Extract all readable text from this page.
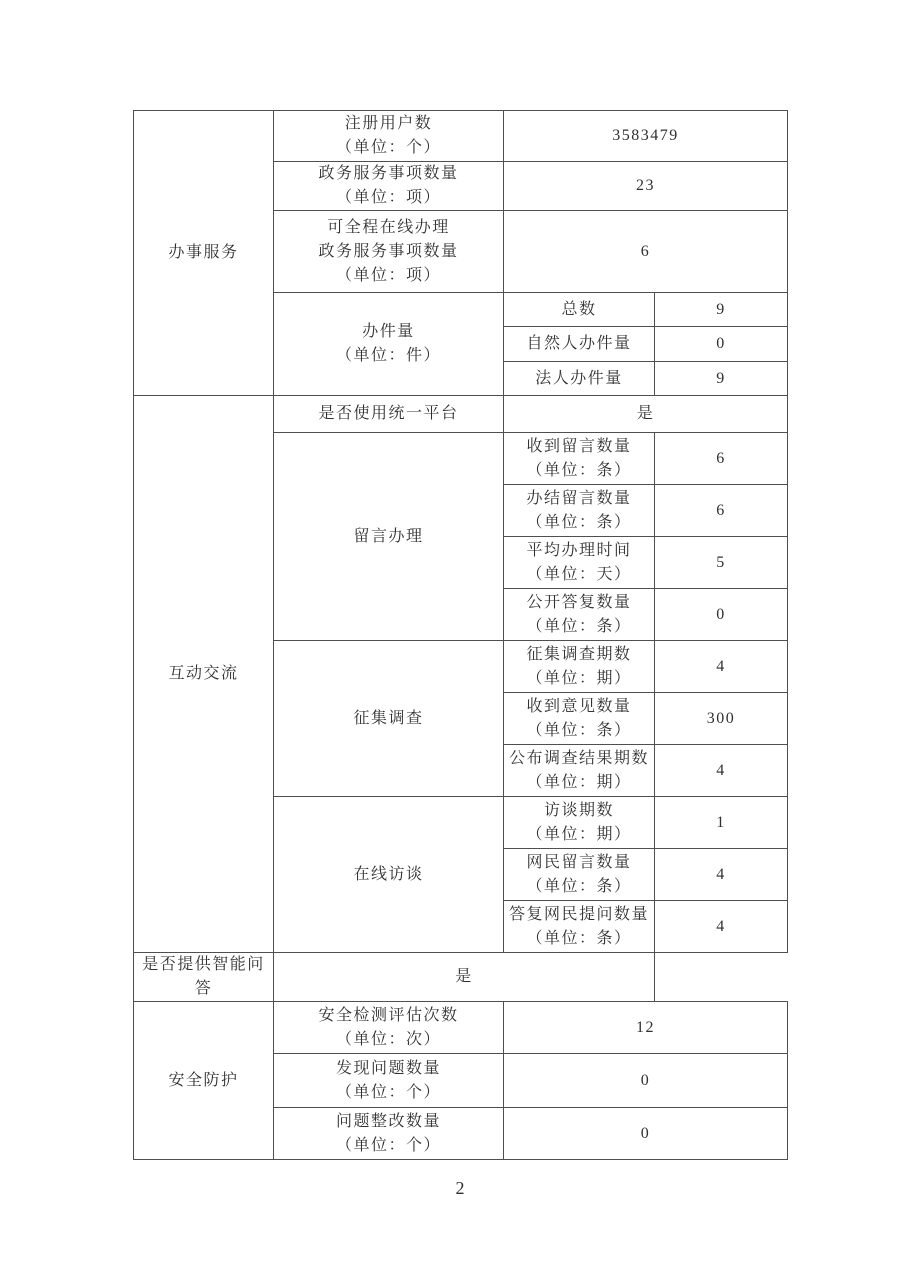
办事服务	注册用户数
（单位：个）	3583479	

	政务服务事项数量
（单位：项）	23	

	可全程在线办理
政务服务事项数量
（单位：项）	6	

	办件量
（单位：件）	总数	9
		自然人办件量	0
		法人办件量	9
互动交流	是否使用统一平台	是	
	留言办理	收到留言数量
（单位：条）	6

		办结留言数量
（单位：条）	6

		平均办理时间
（单位：天）	5

		公开答复数量
（单位：条）	0
	征集调查	征集调查期数
（单位：期）	4

		收到意见数量
（单位：条）	300

		公布调查结果期数
（单位：期）	4
	在线访谈	访谈期数
（单位：期）	1

		网民留言数量
（单位：条）	4

		答复网民提问数量
（单位：条）	4
是否提供智能问答	是		
安全防护	安全检测评估次数
（单位：次）	12	

	发现问题数量
（单位：个）	0	

	问题整改数量
（单位：个）	0	
2
